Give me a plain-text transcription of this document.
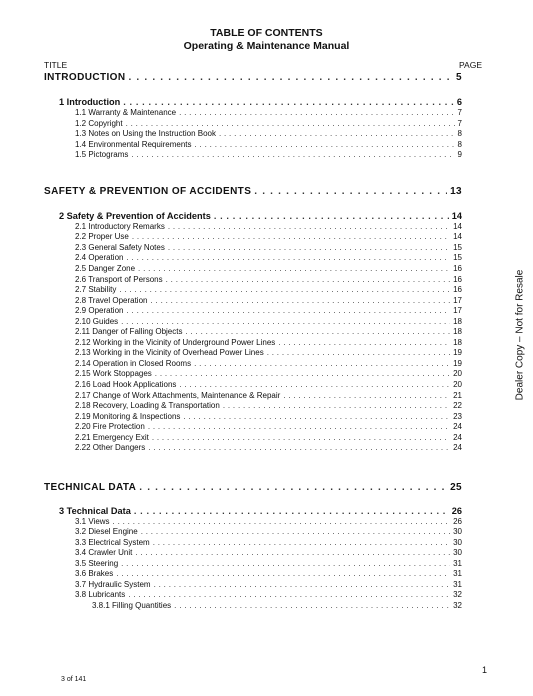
TABLE OF CONTENTS
Operating & Maintenance Manual
TITLE	PAGE
INTRODUCTION . . .	5
1 Introduction . . .	6
1.1 Warranty & Maintenance . . .	7
1.2 Copyright . . .	7
1.3 Notes on Using the Instruction Book . . .	8
1.4 Environmental Requirements . . .	8
1.5 Pictograms . . .	9
SAFETY & PREVENTION OF ACCIDENTS . . .	13
2 Safety & Prevention of Accidents . . .	14
2.1 Introductory Remarks . . .	14
2.2 Proper Use . . .	14
2.3 General Safety Notes . . .	15
2.4 Operation . . .	15
2.5 Danger Zone . . .	16
2.6 Transport of Persons . . .	16
2.7 Stability . . .	16
2.8 Travel Operation . . .	17
2.9 Operation . . .	17
2.10 Guides . . .	18
2.11 Danger of Falling Objects . . .	18
2.12 Working in the Vicinity of Underground Power Lines . . .	18
2.13 Working in the Vicinity of Overhead Power Lines . . .	19
2.14 Operation in Closed Rooms . . .	19
2.15 Work Stoppages . . .	20
2.16 Load Hook Applications . . .	20
2.17 Change of Work Attachments, Maintenance & Repair . . .	21
2.18 Recovery, Loading & Transportation . . .	22
2.19 Monitoring & Inspections . . .	23
2.20 Fire Protection . . .	24
2.21 Emergency Exit . . .	24
2.22 Other Dangers . . .	24
TECHNICAL DATA . . .	25
3 Technical Data . . .	26
3.1 Views . . .	26
3.2 Diesel Engine . . .	30
3.3 Electrical System . . .	30
3.4 Crawler Unit . . .	30
3.5 Steering . . .	31
3.6 Brakes . . .	31
3.7 Hydraulic System . . .	31
3.8 Lubricants . . .	32
3.8.1 Filling Quantities . . .	32
Dealer Copy – Not for Resale
1
3 of 141
